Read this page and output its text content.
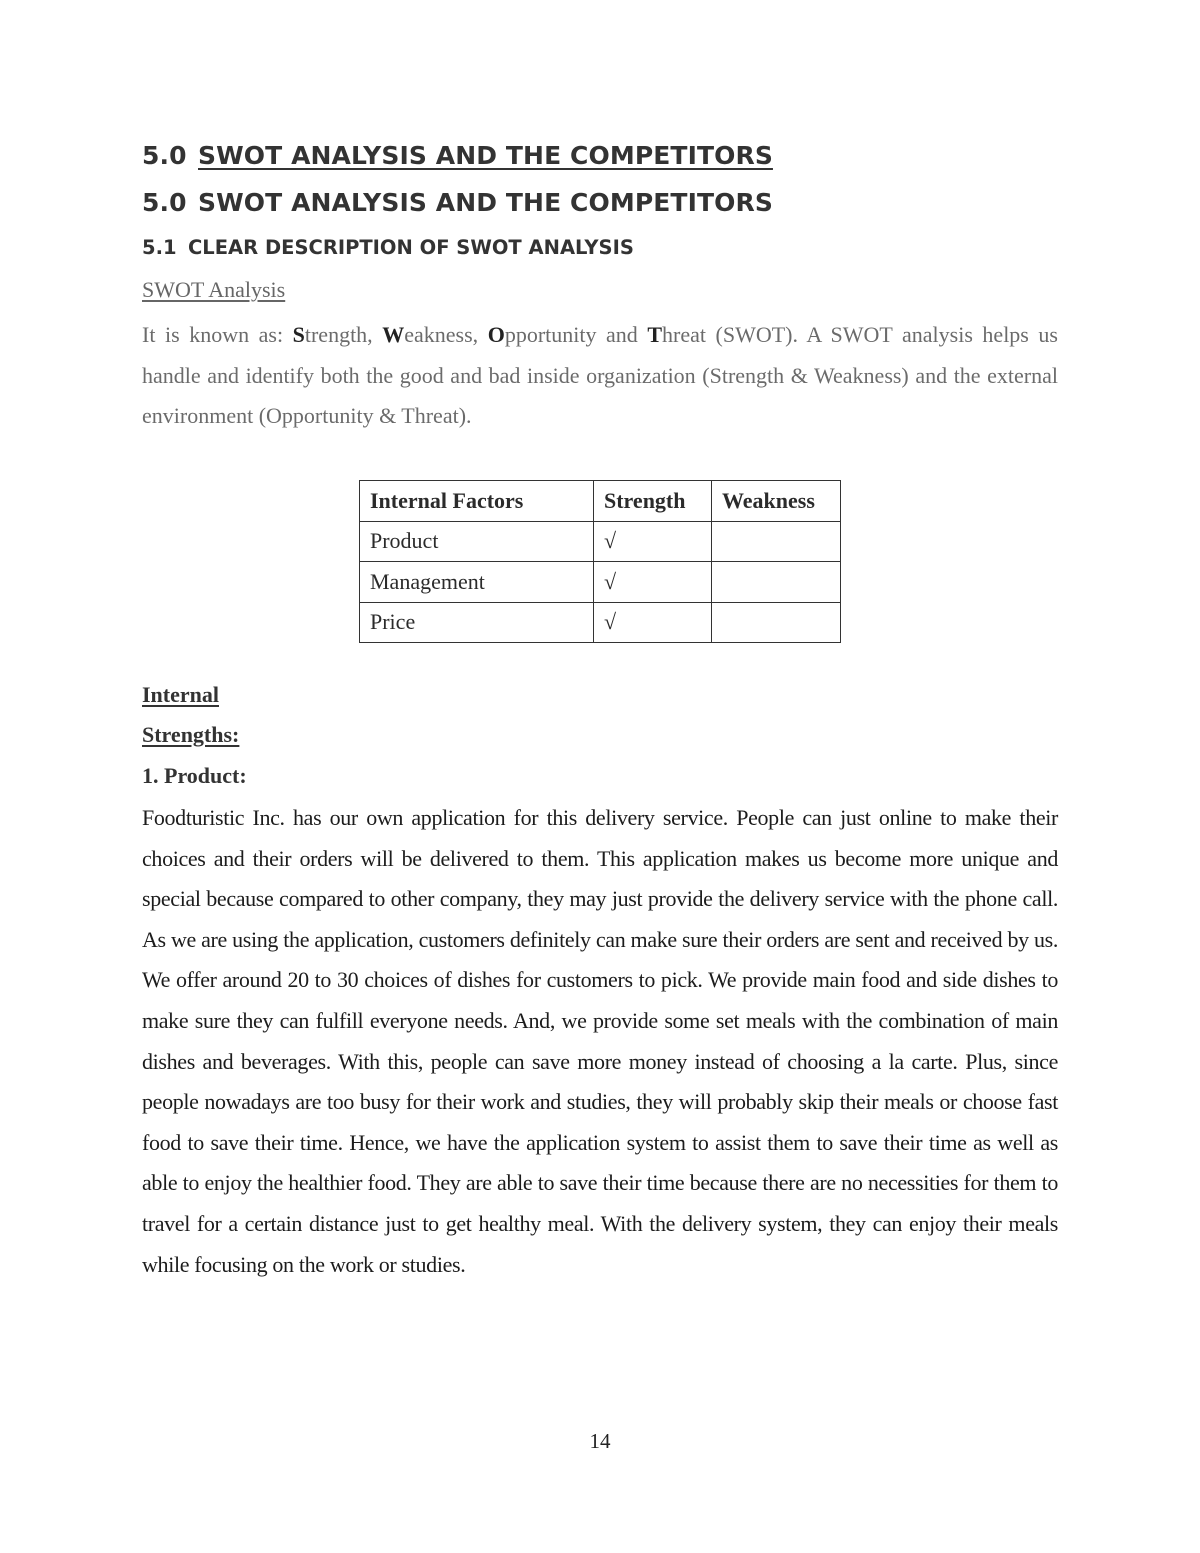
5.0 SWOT ANALYSIS AND THE COMPETITORS
5.0 SWOT ANALYSIS AND THE COMPETITORS
5.1 CLEAR DESCRIPTION OF SWOT ANALYSIS
SWOT Analysis

It is known as: Strength, Weakness, Opportunity and Threat (SWOT). A SWOT analysis helps us handle and identify both the good and bad inside organization (Strength & Weakness) and the external environment (Opportunity & Threat).

Internal Factors	Strength	Weakness
Product	√	
Management	√	
Price	√	

Internal

Strengths:

1. Product:

Foodturistic Inc. has our own application for this delivery service. People can just online to make their choices and their orders will be delivered to them. This application makes us become more unique and special because compared to other company, they may just provide the delivery service with the phone call. As we are using the application, customers definitely can make sure their orders are sent and received by us. We offer around 20 to 30 choices of dishes for customers to pick. We provide main food and side dishes to make sure they can fulfill everyone needs. And, we provide some set meals with the combination of main dishes and beverages. With this, people can save more money instead of choosing a la carte. Plus, since people nowadays are too busy for their work and studies, they will probably skip their meals or choose fast food to save their time. Hence, we have the application system to assist them to save their time as well as able to enjoy the healthier food. They are able to save their time because there are no necessities for them to travel for a certain distance just to get healthy meal. With the delivery system, they can enjoy their meals while focusing on the work or studies.

14
